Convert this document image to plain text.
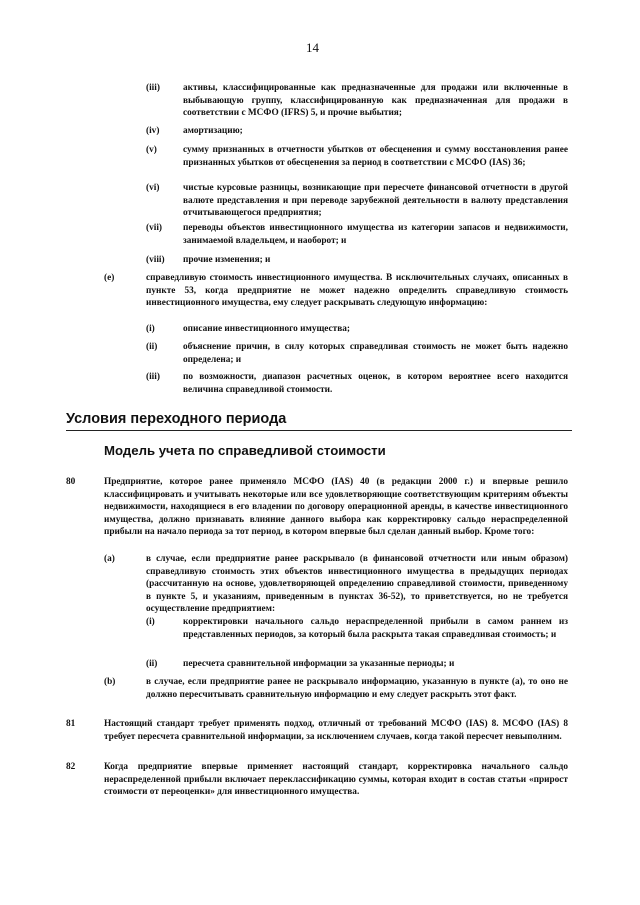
14
(iii) активы, классифицированные как предназначенные для продажи или включенные в выбывающую группу, классифицированную как предназначенная для продажи в соответствии с МСФО (IFRS) 5, и прочие выбытия;
(iv)	амортизацию;
(v)	сумму признанных в отчетности убытков от обесценения и сумму восстановления ранее признанных убытков от обесценения за период в соответствии с МСФО (IAS) 36;
(vi)	чистые курсовые разницы, возникающие при пересчете финансовой отчетности в другой валюте представления и при переводе зарубежной деятельности в валюту представления отчитывающегося предприятия;
(vii) переводы объектов инвестиционного имущества из категории запасов и недвижимости, занимаемой владельцем, и наоборот; и
(viii) прочие изменения; и
(e)	справедливую стоимость инвестиционного имущества. В исключительных случаях, описанных в пункте 53, когда предприятие не может надежно определить справедливую стоимость инвестиционного имущества, ему следует раскрывать следующую информацию:
(i)	описание инвестиционного имущества;
(ii)	объяснение причин, в силу которых справедливая стоимость не может быть надежно определена; и
(iii) по возможности, диапазон расчетных оценок, в котором вероятнее всего находится величина справедливой стоимости.
Условия переходного периода
Модель учета по справедливой стоимости
80	Предприятие, которое ранее применяло МСФО (IAS) 40 (в редакции 2000 г.) и впервые решило классифицировать и учитывать некоторые или все удовлетворяющие соответствующим критериям объекты недвижимости, находящиеся в его владении по договору операционной аренды, в качестве инвестиционного имущества, должно признавать влияние данного выбора как корректировку сальдо нераспределенной прибыли на начало периода за тот период, в котором впервые был сделан данный выбор. Кроме того:
(a)	в случае, если предприятие ранее раскрывало (в финансовой отчетности или иным образом) справедливую стоимость этих объектов инвестиционного имущества в предыдущих периодах (рассчитанную на основе, удовлетворяющей определению справедливой стоимости, приведенному в пункте 5, и указаниям, приведенным в пунктах 36-52), то приветствуется, но не требуется осуществление предприятием:
(i)	корректировки начального сальдо нераспределенной прибыли в самом раннем из представленных периодов, за который была раскрыта такая справедливая стоимость; и
(ii)	пересчета сравнительной информации за указанные периоды; и
(b)	в случае, если предприятие ранее не раскрывало информацию, указанную в пункте (а), то оно не должно пересчитывать сравнительную информацию и ему следует раскрыть этот факт.
81	Настоящий стандарт требует применять подход, отличный от требований МСФО (IAS) 8. МСФО (IAS) 8 требует пересчета сравнительной информации, за исключением случаев, когда такой пересчет невыполним.
82	Когда предприятие впервые применяет настоящий стандарт, корректировка начального сальдо нераспределенной прибыли включает переклассификацию суммы, которая входит в состав статьи «прирост стоимости от переоценки» для инвестиционного имущества.
